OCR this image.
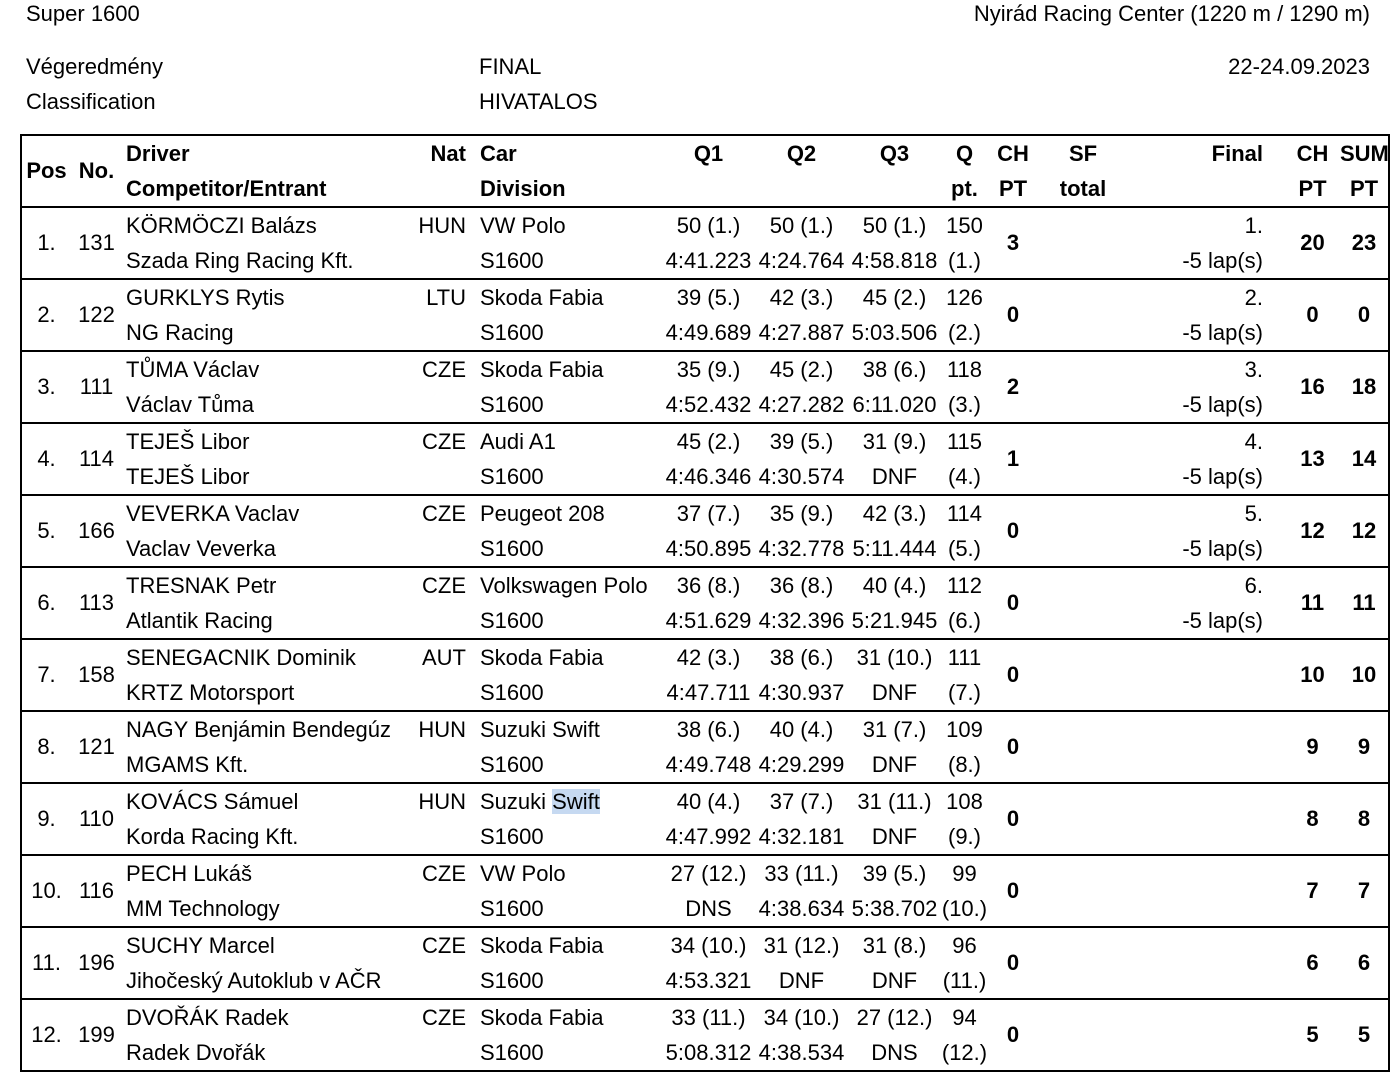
Super 1600	Nyirád Racing Center (1220 m / 1290 m)
Végeredmény
Classification
FINAL
HIVATALOS
22-24.09.2023
Pos	No.	Driver	Nat	Car	Q1	Q2	Q3	Q	CH	SF	Final	CH	SUM
		Competitor/Entrant		Division				pt.	PT	total		PT	PT
1.	131	KÖRMÖCZI Balázs	HUN	VW Polo	50 (1.)	50 (1.)	50 (1.)	150	3		1.	20	23
		Szada Ring Racing Kft.		S1600	4:41.223	4:24.764	4:58.818	(1.)			-5 lap(s)		
2.	122	GURKLYS Rytis	LTU	Skoda Fabia	39 (5.)	42 (3.)	45 (2.)	126	0		2.	0	0
		NG Racing		S1600	4:49.689	4:27.887	5:03.506	(2.)			-5 lap(s)		
3.	111	TŮMA Václav	CZE	Skoda Fabia	35 (9.)	45 (2.)	38 (6.)	118	2		3.	16	18
		Václav Tůma		S1600	4:52.432	4:27.282	6:11.020	(3.)			-5 lap(s)		
4.	114	TEJEŠ Libor	CZE	Audi A1	45 (2.)	39 (5.)	31 (9.)	115	1		4.	13	14
		TEJEŠ Libor		S1600	4:46.346	4:30.574	DNF	(4.)			-5 lap(s)		
5.	166	VEVERKA Vaclav	CZE	Peugeot 208	37 (7.)	35 (9.)	42 (3.)	114	0		5.	12	12
		Vaclav Veverka		S1600	4:50.895	4:32.778	5:11.444	(5.)			-5 lap(s)		
6.	113	TRESNAK Petr	CZE	Volkswagen Polo	36 (8.)	36 (8.)	40 (4.)	112	0		6.	11	11
		Atlantik Racing		S1600	4:51.629	4:32.396	5:21.945	(6.)			-5 lap(s)		
7.	158	SENEGACNIK Dominik	AUT	Skoda Fabia	42 (3.)	38 (6.)	31 (10.)	111	0			10	10
		KRTZ Motorsport		S1600	4:47.711	4:30.937	DNF	(7.)					
8.	121	NAGY Benjámin Bendegúz	HUN	Suzuki Swift	38 (6.)	40 (4.)	31 (7.)	109	0			9	9
		MGAMS Kft.		S1600	4:49.748	4:29.299	DNF	(8.)					
9.	110	KOVÁCS Sámuel	HUN	Suzuki Swift	40 (4.)	37 (7.)	31 (11.)	108	0			8	8
		Korda Racing Kft.		S1600	4:47.992	4:32.181	DNF	(9.)					
10.	116	PECH Lukáš	CZE	VW Polo	27 (12.)	33 (11.)	39 (5.)	99	0			7	7
		MM Technology		S1600	DNS	4:38.634	5:38.702	(10.)					
11.	196	SUCHY Marcel	CZE	Skoda Fabia	34 (10.)	31 (12.)	31 (8.)	96	0			6	6
		Jihočeský Autoklub v AČR		S1600	4:53.321	DNF	DNF	(11.)					
12.	199	DVOŘÁK Radek	CZE	Skoda Fabia	33 (11.)	34 (10.)	27 (12.)	94	0			5	5
		Radek Dvořák		S1600	5:08.312	4:38.534	DNS	(12.)					
